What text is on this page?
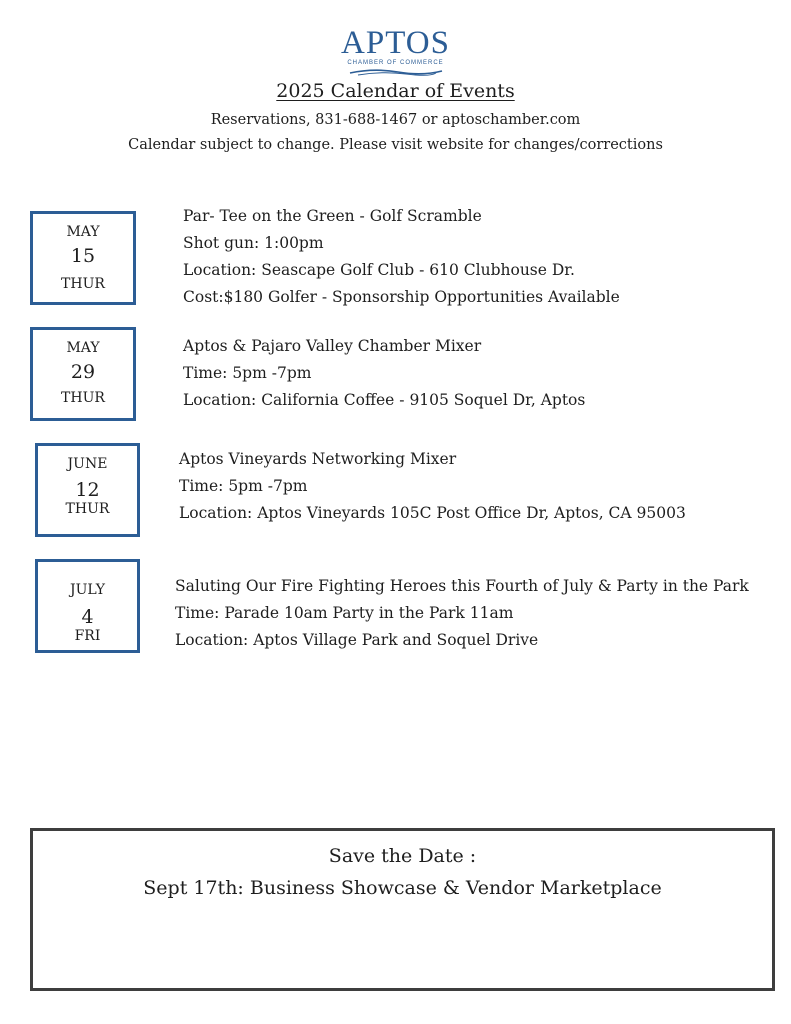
APTOS
CHAMBER OF COMMERCE
2025 Calendar of Events
Reservations, 831-688-1467 or aptoschamber.com
Calendar subject to change. Please visit website for changes/corrections
MAY
15
THUR
Par- Tee on the Green - Golf Scramble
Shot gun: 1:00pm
Location: Seascape Golf Club - 610 Clubhouse Dr.
Cost:$180 Golfer - Sponsorship Opportunities Available
MAY
29
THUR
Aptos & Pajaro Valley Chamber Mixer
Time: 5pm -7pm
Location: California Coffee - 9105 Soquel Dr, Aptos
JUNE
12
THUR
Aptos Vineyards Networking Mixer
Time: 5pm -7pm
Location: Aptos Vineyards 105C Post Office Dr, Aptos, CA 95003
JULY
4
FRI
Saluting Our Fire Fighting Heroes this Fourth of July & Party in the Park
Time: Parade 10am Party in the Park 11am
Location: Aptos Village Park and Soquel Drive
Save the Date :
Sept 17th: Business Showcase & Vendor Marketplace
